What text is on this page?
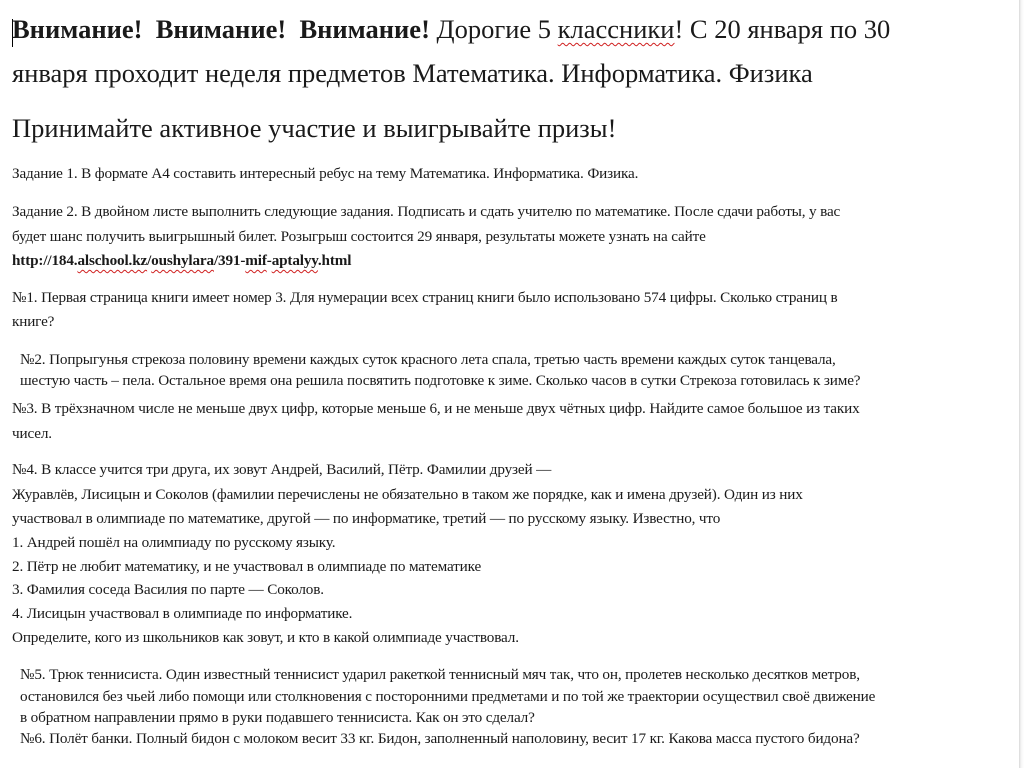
Внимание! Внимание! Внимание! Дорогие 5 классники! С 20 января по 30
января проходит неделя предметов Математика. Информатика. Физика
Принимайте активное участие и выигрывайте призы!
Задание 1. В формате А4 составить интересный ребус на тему Математика. Информатика. Физика.
Задание 2. В двойном листе выполнить следующие задания. Подписать и сдать учителю по математике. После сдачи работы, у вас
будет шанс получить выигрышный билет. Розыгрыш состоится 29 января, результаты можете узнать на сайте
http://184.alschool.kz/oushylara/391-mif-aptalyy.html
№1. Первая страница книги имеет номер 3. Для нумерации всех страниц книги было использовано 574 цифры. Сколько страниц в
книге?
№2. Попрыгунья стрекоза половину времени каждых суток красного лета спала, третью часть времени каждых суток танцевала,
шестую часть – пела. Остальное время она решила посвятить подготовке к зиме. Сколько часов в сутки Стрекоза готовилась к зиме?
№3. В трёхзначном числе не меньше двух цифр, которые меньше 6, и не меньше двух чётных цифр. Найдите самое большое из таких
чисел.
№4. В классе учится три друга, их зовут Андрей, Василий, Пётр. Фамилии друзей —
Журавлёв, Лисицын и Соколов (фамилии перечислены не обязательно в таком же порядке, как и имена друзей). Один из них
участвовал в олимпиаде по математике, другой — по информатике, третий — по русскому языку. Известно, что
1. Андрей пошёл на олимпиаду по русскому языку.
2. Пётр не любит математику, и не участвовал в олимпиаде по математике
3. Фамилия соседа Василия по парте — Соколов.
4. Лисицын участвовал в олимпиаде по информатике.
Определите, кого из школьников как зовут, и кто в какой олимпиаде участвовал.
№5. Трюк теннисиста. Один известный теннисист ударил ракеткой теннисный мяч так, что он, пролетев несколько десятков метров,
остановился без чьей либо помощи или столкновения с посторонними предметами и по той же траектории осуществил своё движение
в обратном направлении прямо в руки подавшего теннисиста. Как он это сделал?
№6. Полёт банки. Полный бидон с молоком весит 33 кг. Бидон, заполненный наполовину, весит 17 кг. Какова масса пустого бидона?
